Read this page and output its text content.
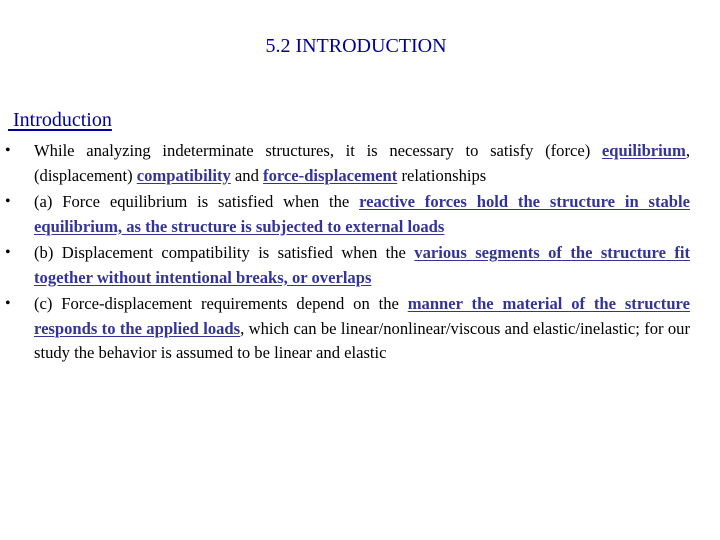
5.2 INTRODUCTION
Introduction
• While analyzing indeterminate structures, it is necessary to satisfy (force) equilibrium, (displacement) compatibility and force-displacement relationships
• (a) Force equilibrium is satisfied when the reactive forces hold the structure in stable equilibrium, as the structure is subjected to external loads
• (b) Displacement compatibility is satisfied when the various segments of the structure fit together without intentional breaks, or overlaps
• (c) Force-displacement requirements depend on the manner the material of the structure responds to the applied loads, which can be linear/nonlinear/viscous and elastic/inelastic; for our study the behavior is assumed to be linear and elastic
